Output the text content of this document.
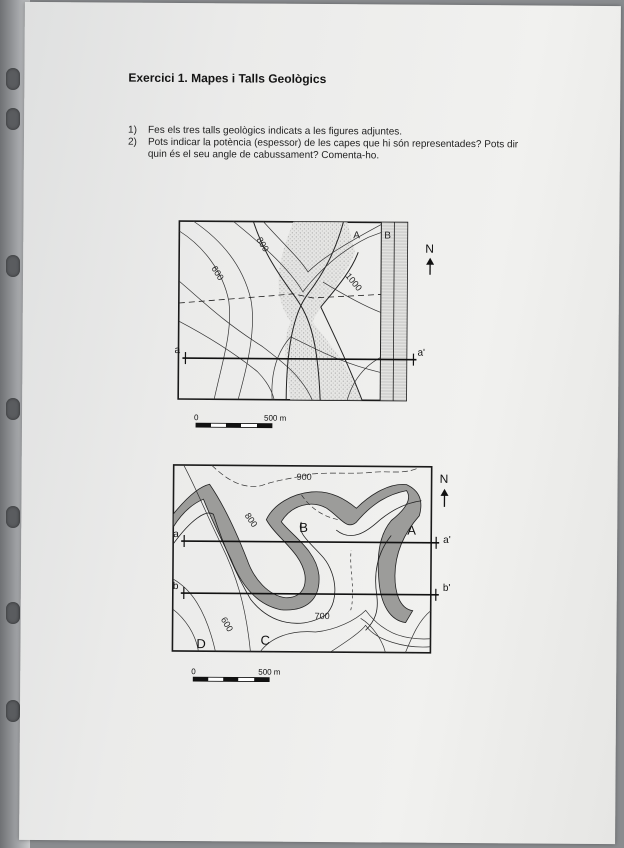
Exercici 1. Mapes i Talls Geològics
1) Fes els tres talls geològics indicats a les figures adjuntes.
2) Pots indicar la potència (espessor) de les capes que hi són representades? Pots dir
quin és el seu angle de cabussament? Comenta-ho.
600
800
1000
A B
N
a	a'
0	500 m
900
800
700
600
A
B
C
D
N
a
a'
b	b'
0	500 m
